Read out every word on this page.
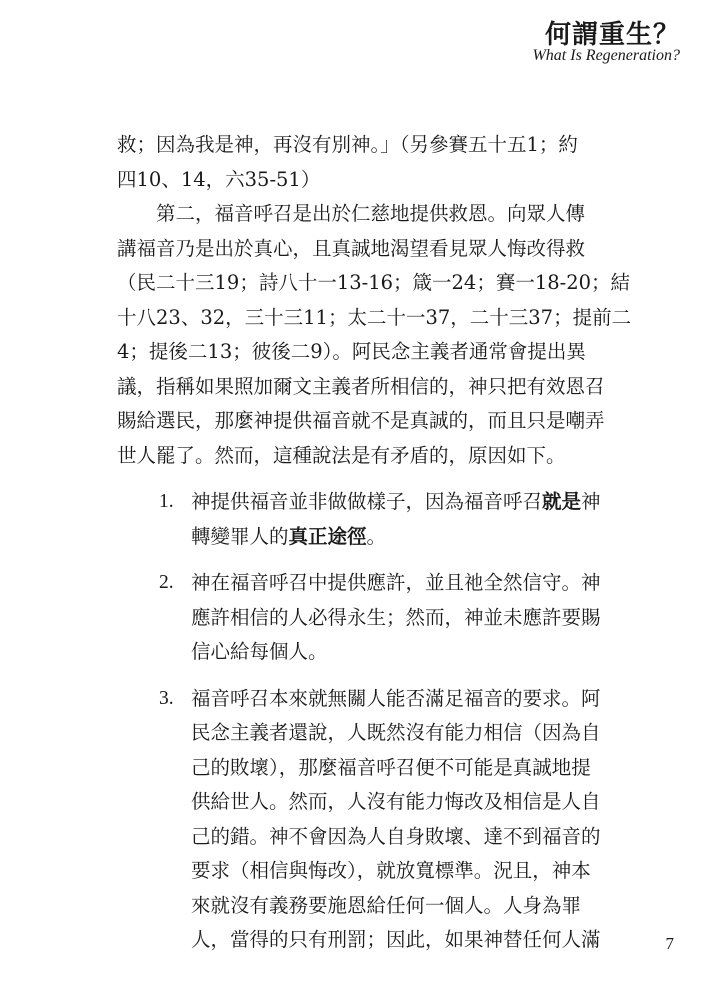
何謂重生？
What Is Regeneration?
救；因為我是神，再沒有別神。」（另參賽五十五1；約
四10、14，六35-51）
　　第二，福音呼召是出於仁慈地提供救恩。向眾人傳
講福音乃是出於真心，且真誠地渴望看見眾人悔改得救
（民二十三19；詩八十一13-16；箴一24；賽一18-20；結
十八23、32，三十三11；太二十一37，二十三37；提前二
4；提後二13；彼後二9）。阿民念主義者通常會提出異
議，指稱如果照加爾文主義者所相信的，神只把有效恩召
賜給選民，那麼神提供福音就不是真誠的，而且只是嘲弄
世人罷了。然而，這種說法是有矛盾的，原因如下。
1. 神提供福音並非做做樣子，因為福音呼召就是神
轉變罪人的真正途徑。
2. 神在福音呼召中提供應許，並且祂全然信守。神
應許相信的人必得永生；然而，神並未應許要賜
信心給每個人。
3. 福音呼召本來就無關人能否滿足福音的要求。阿
民念主義者還說，人既然沒有能力相信（因為自
己的敗壞），那麼福音呼召便不可能是真誠地提
供給世人。然而，人沒有能力悔改及相信是人自
己的錯。神不會因為人自身敗壞、達不到福音的
要求（相信與悔改），就放寬標準。況且，神本
來就沒有義務要施恩給任何一個人。人身為罪
人，當得的只有刑罰；因此，如果神替任何人滿	7
